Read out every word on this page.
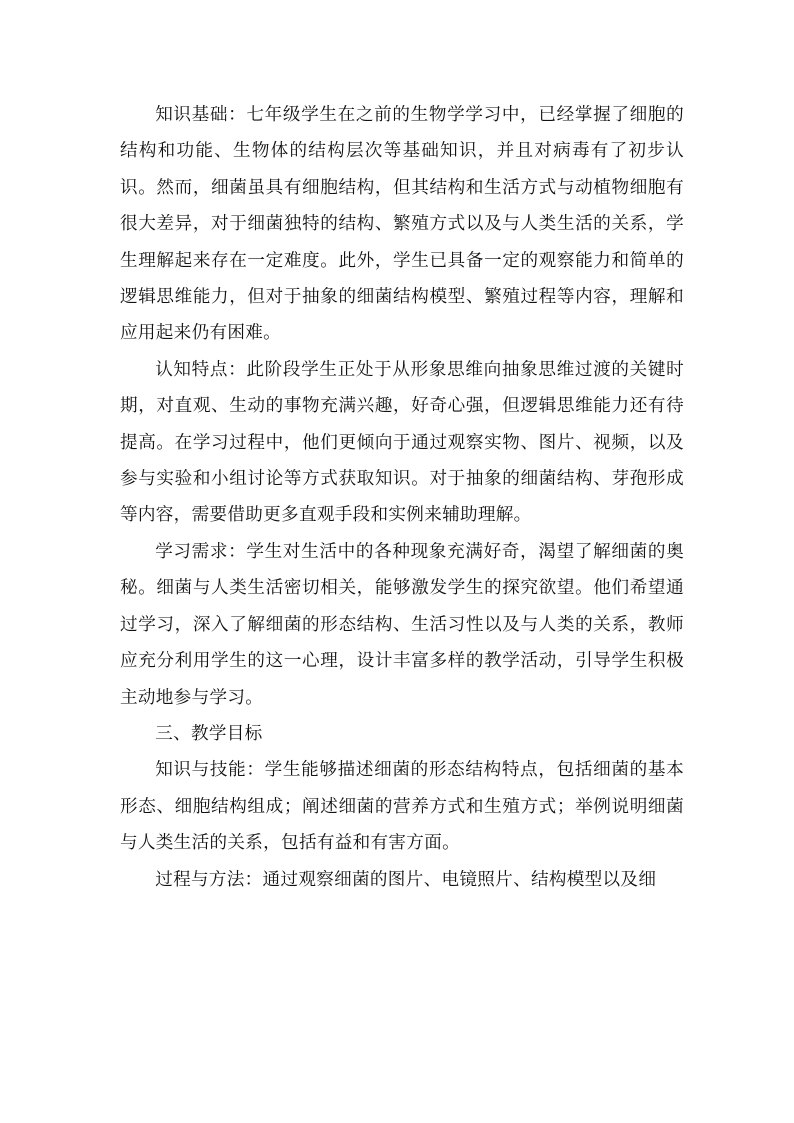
知识基础：七年级学生在之前的生物学学习中，已经掌握了细胞的结构和功能、生物体的结构层次等基础知识，并且对病毒有了初步认识。然而，细菌虽具有细胞结构，但其结构和生活方式与动植物细胞有很大差异，对于细菌独特的结构、繁殖方式以及与人类生活的关系，学生理解起来存在一定难度。此外，学生已具备一定的观察能力和简单的逻辑思维能力，但对于抽象的细菌结构模型、繁殖过程等内容，理解和应用起来仍有困难。

认知特点：此阶段学生正处于从形象思维向抽象思维过渡的关键时期，对直观、生动的事物充满兴趣，好奇心强，但逻辑思维能力还有待提高。在学习过程中，他们更倾向于通过观察实物、图片、视频，以及参与实验和小组讨论等方式获取知识。对于抽象的细菌结构、芽孢形成等内容，需要借助更多直观手段和实例来辅助理解。

学习需求：学生对生活中的各种现象充满好奇，渴望了解细菌的奥秘。细菌与人类生活密切相关，能够激发学生的探究欲望。他们希望通过学习，深入了解细菌的形态结构、生活习性以及与人类的关系，教师应充分利用学生的这一心理，设计丰富多样的教学活动，引导学生积极主动地参与学习。

三、教学目标

知识与技能：学生能够描述细菌的形态结构特点，包括细菌的基本形态、细胞结构组成；阐述细菌的营养方式和生殖方式；举例说明细菌与人类生活的关系，包括有益和有害方面。

过程与方法：通过观察细菌的图片、电镜照片、结构模型以及细
